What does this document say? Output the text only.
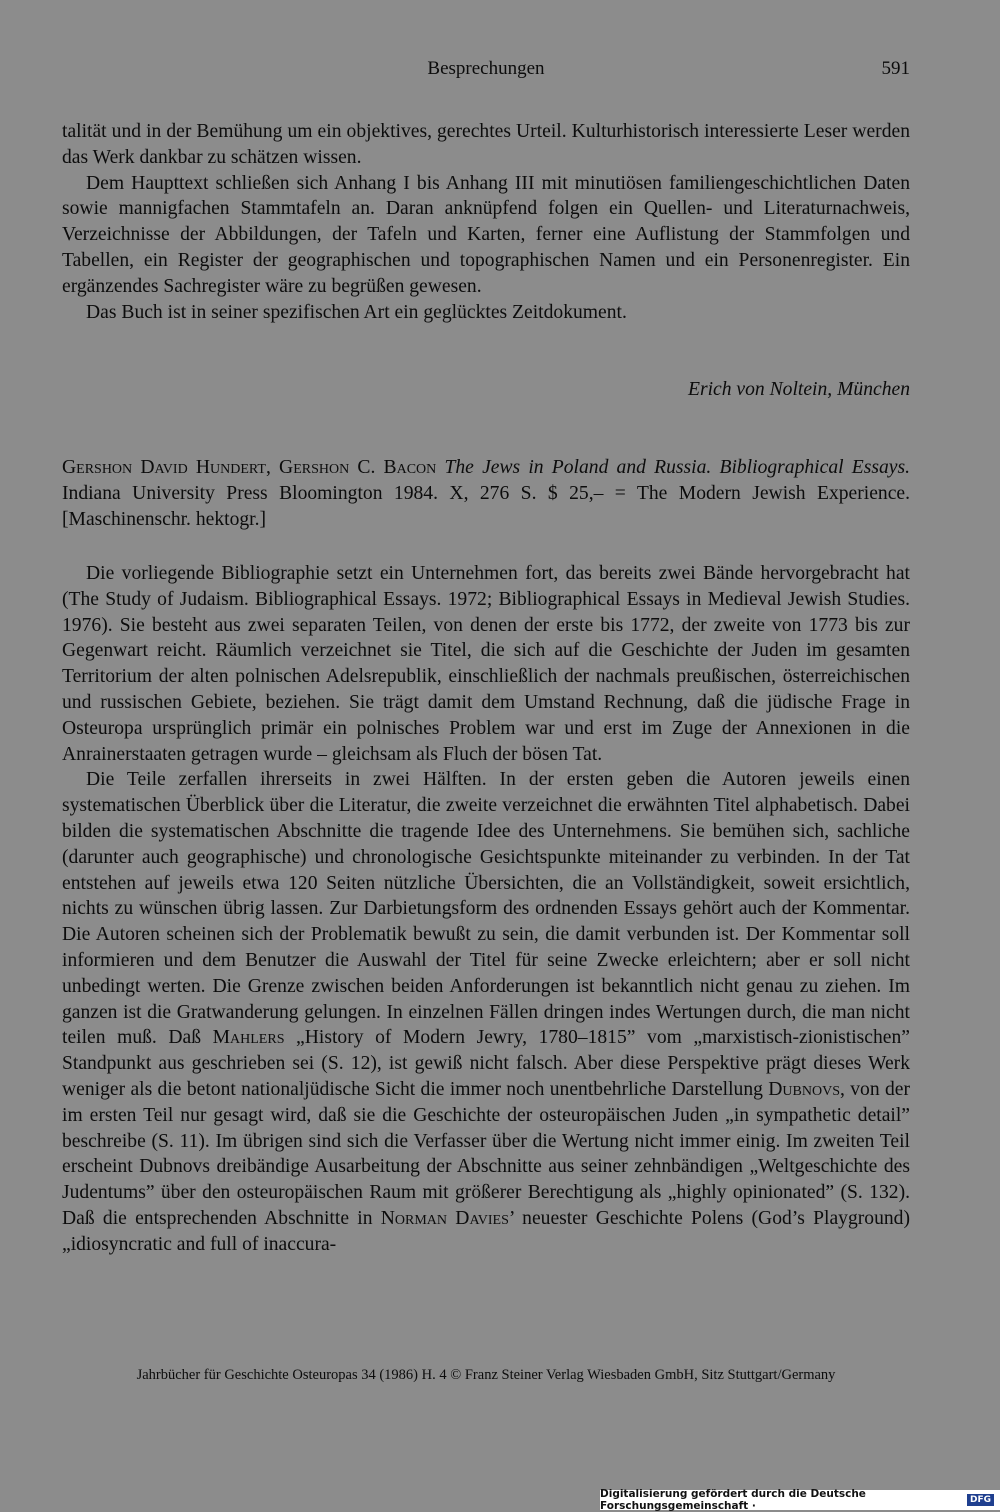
Besprechungen	591

talität und in der Bemühung um ein objektives, gerechtes Urteil. Kulturhistorisch interessierte Leser werden das Werk dankbar zu schätzen wissen.

Dem Haupttext schließen sich Anhang I bis Anhang III mit minutiösen familiengeschichtlichen Daten sowie mannigfachen Stammtafeln an. Daran anknüpfend folgen ein Quellen- und Literaturnachweis, Verzeichnisse der Abbildungen, der Tafeln und Karten, ferner eine Auflistung der Stammfolgen und Tabellen, ein Register der geographischen und topographischen Namen und ein Personenregister. Ein ergänzendes Sachregister wäre zu begrüßen gewesen.

Das Buch ist in seiner spezifischen Art ein geglücktes Zeitdokument.

Erich von Noltein, München
Gershon David Hundert, Gershon C. Bacon The Jews in Poland and Russia. Bibliographical Essays. Indiana University Press Bloomington 1984. X, 276 S. $ 25,– = The Modern Jewish Experience. [Maschinenschr. hektogr.]

Die vorliegende Bibliographie setzt ein Unternehmen fort, das bereits zwei Bände hervorgebracht hat (The Study of Judaism. Bibliographical Essays. 1972; Bibliographical Essays in Medieval Jewish Studies. 1976). Sie besteht aus zwei separaten Teilen, von denen der erste bis 1772, der zweite von 1773 bis zur Gegenwart reicht. Räumlich verzeichnet sie Titel, die sich auf die Geschichte der Juden im gesamten Territorium der alten polnischen Adelsrepublik, einschließlich der nachmals preußischen, österreichischen und russischen Gebiete, beziehen. Sie trägt damit dem Umstand Rechnung, daß die jüdische Frage in Osteuropa ursprünglich primär ein polnisches Problem war und erst im Zuge der Annexionen in die Anrainerstaaten getragen wurde – gleichsam als Fluch der bösen Tat.

Die Teile zerfallen ihrerseits in zwei Hälften. In der ersten geben die Autoren jeweils einen systematischen Überblick über die Literatur, die zweite verzeichnet die erwähnten Titel alphabetisch. Dabei bilden die systematischen Abschnitte die tragende Idee des Unternehmens. Sie bemühen sich, sachliche (darunter auch geographische) und chronologische Gesichtspunkte miteinander zu verbinden. In der Tat entstehen auf jeweils etwa 120 Seiten nützliche Übersichten, die an Vollständigkeit, soweit ersichtlich, nichts zu wünschen übrig lassen. Zur Darbietungsform des ordnenden Essays gehört auch der Kommentar. Die Autoren scheinen sich der Problematik bewußt zu sein, die damit verbunden ist. Der Kommentar soll informieren und dem Benutzer die Auswahl der Titel für seine Zwecke erleichtern; aber er soll nicht unbedingt werten. Die Grenze zwischen beiden Anforderungen ist bekanntlich nicht genau zu ziehen. Im ganzen ist die Gratwanderung gelungen. In einzelnen Fällen dringen indes Wertungen durch, die man nicht teilen muß. Daß Mahlers „History of Modern Jewry, 1780–1815” vom „marxistisch-zionistischen” Standpunkt aus geschrieben sei (S. 12), ist gewiß nicht falsch. Aber diese Perspektive prägt dieses Werk weniger als die betont nationaljüdische Sicht die immer noch unentbehrliche Darstellung Dubnovs, von der im ersten Teil nur gesagt wird, daß sie die Geschichte der osteuropäischen Juden „in sympathetic detail” beschreibe (S. 11). Im übrigen sind sich die Verfasser über die Wertung nicht immer einig. Im zweiten Teil erscheint Dubnovs dreibändige Ausarbeitung der Abschnitte aus seiner zehnbändigen „Weltgeschichte des Judentums” über den osteuropäischen Raum mit größerer Berechtigung als „highly opinionated” (S. 132). Daß die entsprechenden Abschnitte in Norman Davies’ neuester Geschichte Polens (God’s Playground) „idiosyncratic and full of inaccura-

Jahrbücher für Geschichte Osteuropas 34 (1986) H. 4 © Franz Steiner Verlag Wiesbaden GmbH, Sitz Stuttgart/Germany
Digitalisierung gefördert durch die Deutsche Forschungsgemeinschaft ·	DFG
